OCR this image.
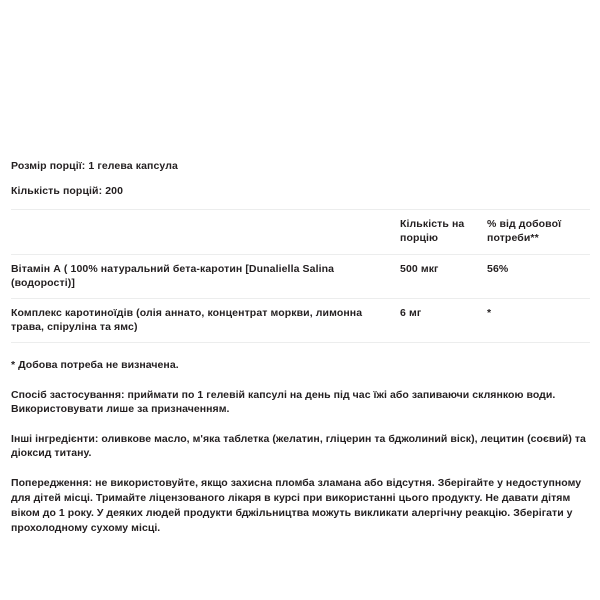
Розмір порції: 1 гелева капсула

Кількість порцій: 200

	Кількість на порцію	% від добової потреби**

Вітамін А ( 100% натуральний бета-каротин [Dunaliella Salina (водорості)]	500 мкг	56%

Комплекс каротиноїдів (олія аннато, концентрат моркви, лимонна трава, спіруліна та ямс)	6 мг	*

* Добова потреба не визначена.

Спосіб застосування: приймати по 1 гелевій капсулі на день під час їжі або запиваючи склянкою води.   Використовувати лише за призначенням.

Інші інгредієнти: оливкове масло, м'яка таблетка (желатин, гліцерин та бджолиний віск), лецитин (соєвий) та діоксид титану.

Попередження: не використовуйте, якщо захисна пломба зламана або відсутня. Зберігайте у недоступному для дітей місці. Тримайте ліцензованого лікаря в курсі при використанні цього продукту. Не давати дітям віком до 1 року. У деяких людей продукти бджільництва можуть викликати алергічну реакцію. Зберігати у прохолодному сухому місці.
